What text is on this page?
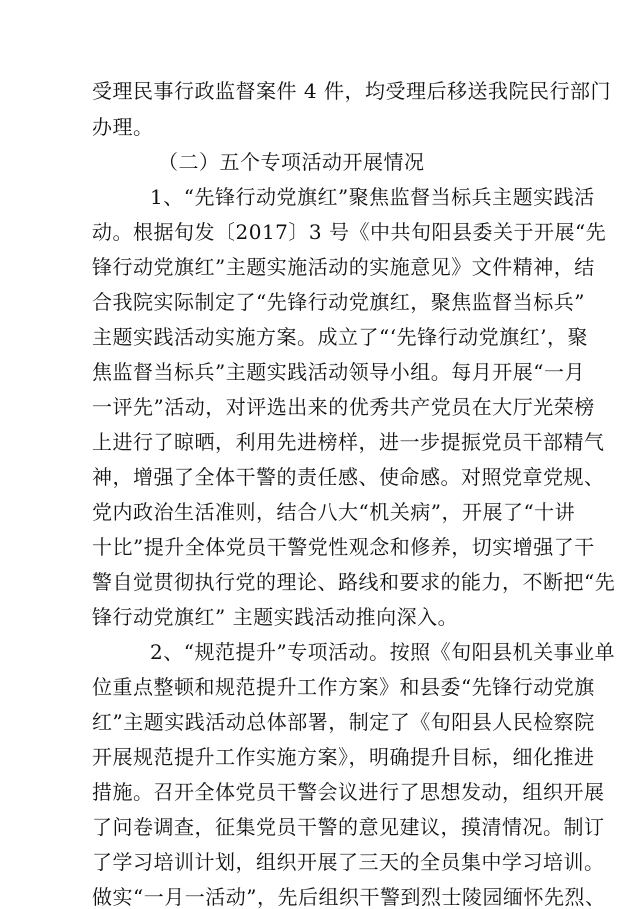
受理民事行政监督案件 4 件，均受理后移送我院民行部门
办理。
（二）五个专项活动开展情况
1、“先锋行动党旗红”聚焦监督当标兵主题实践活
动。根据旬发〔2017〕3 号《中共旬阳县委关于开展“先
锋行动党旗红”主题实施活动的实施意见》文件精神，结
合我院实际制定了“先锋行动党旗红，聚焦监督当标兵”
主题实践活动实施方案。成立了“‘先锋行动党旗红’，聚
焦监督当标兵”主题实践活动领导小组。每月开展“一月
一评先”活动，对评选出来的优秀共产党员在大厅光荣榜
上进行了晾晒，利用先进榜样，进一步提振党员干部精气
神，增强了全体干警的责任感、使命感。对照党章党规、
党内政治生活准则，结合八大“机关病”，开展了“十讲
十比”提升全体党员干警党性观念和修养，切实增强了干
警自觉贯彻执行党的理论、路线和要求的能力，不断把“先
锋行动党旗红” 主题实践活动推向深入。
2、“规范提升”专项活动。按照《旬阳县机关事业单
位重点整顿和规范提升工作方案》和县委“先锋行动党旗
红”主题实践活动总体部署，制定了《旬阳县人民检察院
开展规范提升工作实施方案》，明确提升目标，细化推进
措施。召开全体党员干警会议进行了思想发动，组织开展
了问卷调查，征集党员干警的意见建议，摸清情况。制订
了学习培训计划，组织开展了三天的全员集中学习培训。
做实“一月一活动”，先后组织干警到烈士陵园缅怀先烈、
